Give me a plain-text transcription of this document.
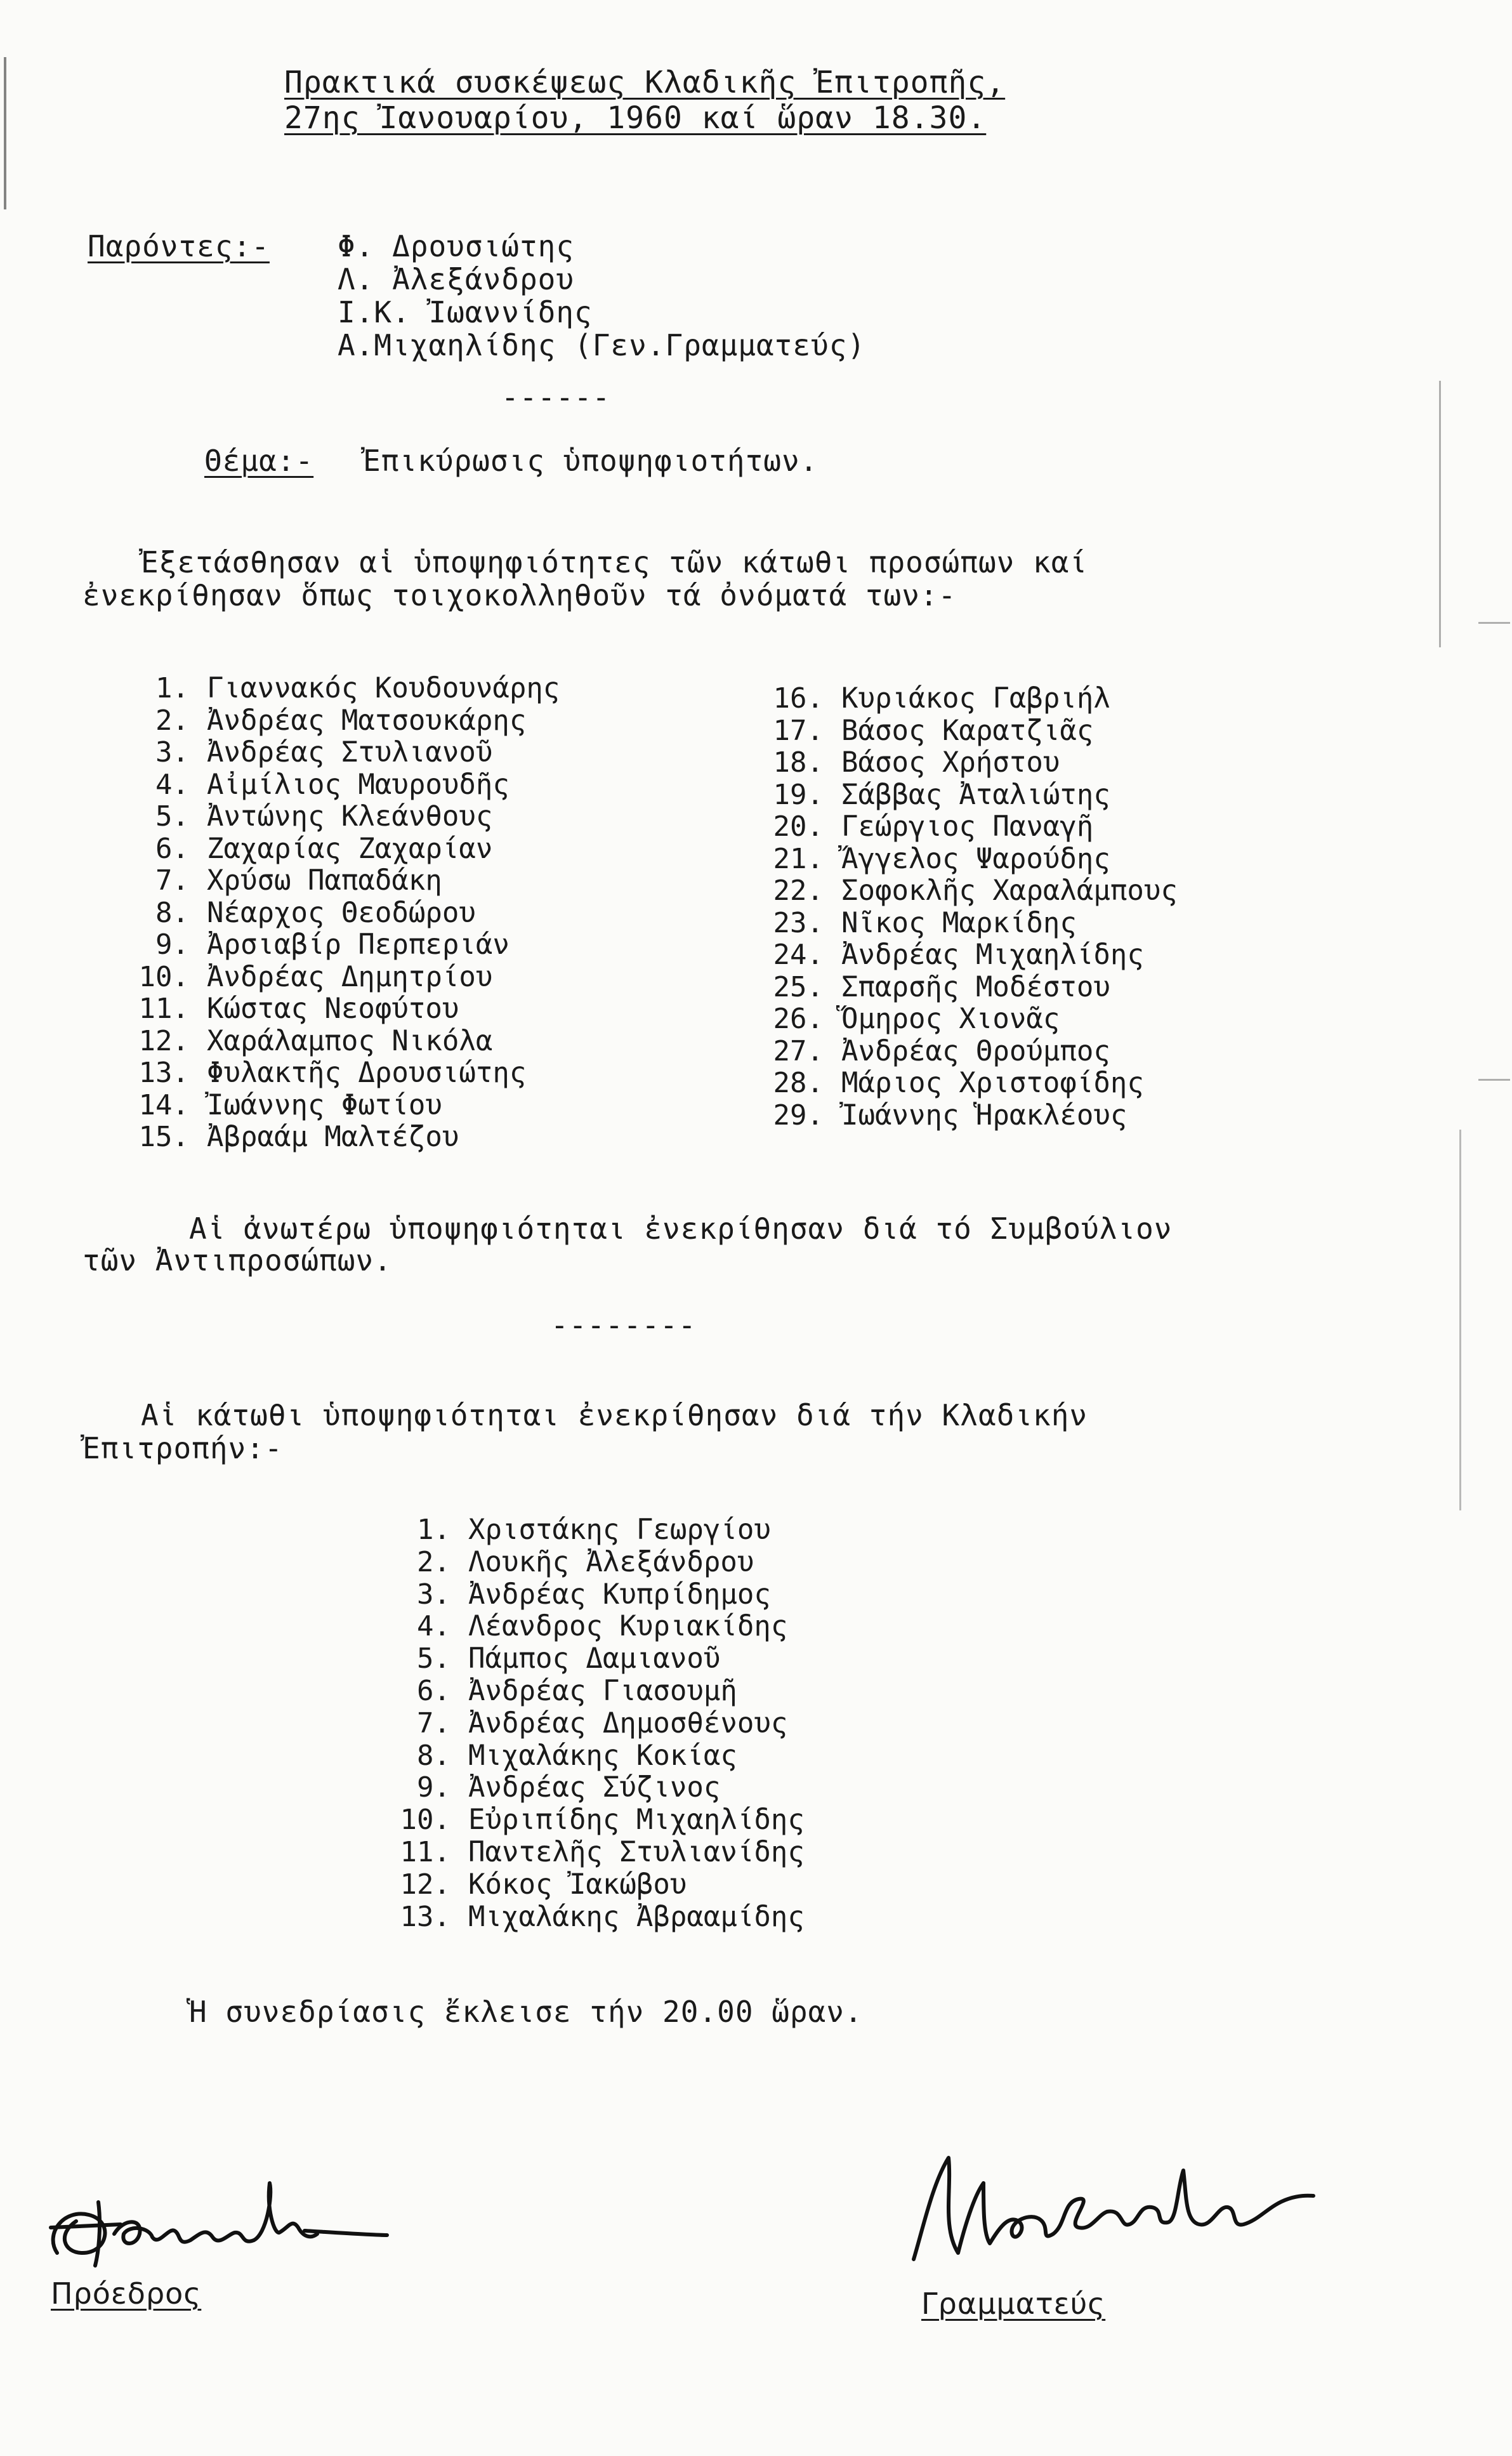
Πρακτικά συσκέψεως Κλαδικῆς Ἐπιτροπῆς,
27ης Ἰανουαρίου, 1960 καί ὥραν 18.30.
Παρόντες:- Φ. Δρουσιώτης
Λ. Ἀλεξάνδρου
Ι.Κ. Ἰωαννίδης
Α.Μιχαηλίδης (Γεν.Γραμματεύς)
------
Θέμα:- Ἐπικύρωσις ὑποψηφιοτήτων.
Ἐξετάσθησαν αἱ ὑποψηφιότητες τῶν κάτωθι προσώπων καί
ἐνεκρίθησαν ὅπως τοιχοκολληθοῦν τά ὀνόματά των:-
1. Γιαννακός Κουδουνάρης
2. Ἀνδρέας Ματσουκάρης
3. Ἀνδρέας Στυλιανοῦ
4. Αἰμίλιος Μαυρουδῆς
5. Ἀντώνης Κλεάνθους
6. Ζαχαρίας Ζαχαρίαν
7. Χρύσω Παπαδάκη
8. Νέαρχος Θεοδώρου
9. Ἀρσιαβίρ Περπεριάν
10. Ἀνδρέας Δημητρίου
11. Κώστας Νεοφύτου
12. Χαράλαμπος Νικόλα
13. Φυλακτῆς Δρουσιώτης
14. Ἰωάννης Φωτίου
15. Ἀβραάμ Μαλτέζου
16. Κυριάκος Γαβριήλ
17. Βάσος Καρατζιᾶς
18. Βάσος Χρήστου
19. Σάββας Ἀταλιώτης
20. Γεώργιος Παναγῆ
21. Ἄγγελος Ψαρούδης
22. Σοφοκλῆς Χαραλάμπους
23. Νῖκος Μαρκίδης
24. Ἀνδρέας Μιχαηλίδης
25. Σπαρσῆς Μοδέστου
26. Ὅμηρος Χιονᾶς
27. Ἀνδρέας Θρούμπος
28. Μάριος Χριστοφίδης
29. Ἰωάννης Ἡρακλέους
Αἱ ἀνωτέρω ὑποψηφιότηται ἐνεκρίθησαν διά τό Συμβούλιον
τῶν Ἀντιπροσώπων.
--------
Αἱ κάτωθι ὑποψηφιότηται ἐνεκρίθησαν διά τήν Κλαδικήν
Ἐπιτροπήν:-
1. Χριστάκης Γεωργίου
2. Λουκῆς Ἀλεξάνδρου
3. Ἀνδρέας Κυπρίδημος
4. Λέανδρος Κυριακίδης
5. Πάμπος Δαμιανοῦ
6. Ἀνδρέας Γιασουμῆ
7. Ἀνδρέας Δημοσθένους
8. Μιχαλάκης Κοκίας
9. Ἀνδρέας Σύζινος
10. Εὐριπίδης Μιχαηλίδης
11. Παντελῆς Στυλιανίδης
12. Κόκος Ἰακώβου
13. Μιχαλάκης Ἀβρααμίδης
Ἡ συνεδρίασις ἔκλεισε τήν 20.00 ὥραν.
Πρόεδρος	Γραμματεύς
